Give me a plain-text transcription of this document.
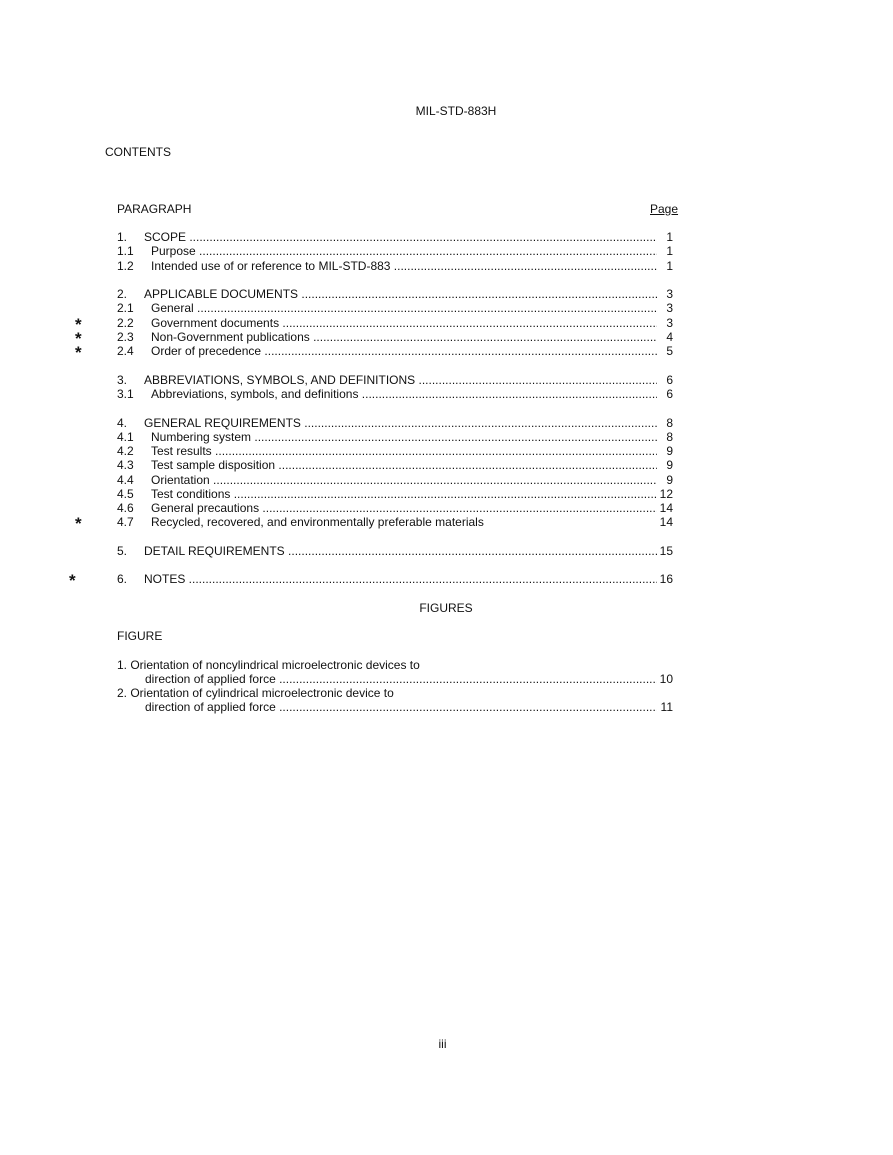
MIL-STD-883H
CONTENTS
PARAGRAPH	Page
1. SCOPE .....	1
1.1 Purpose .....	1
1.2 Intended use of or reference to MIL-STD-883 .....	1
2. APPLICABLE DOCUMENTS .....	3
2.1 General .....	3
2.2 Government documents .....	3
*
2.3 Non-Government publications .....	4
*
2.4 Order of precedence .....	5
*
3. ABBREVIATIONS, SYMBOLS, AND DEFINITIONS .....	6
3.1 Abbreviations, symbols, and definitions .....	6
4. GENERAL REQUIREMENTS .....	8
4.1 Numbering system .....	8
4.2 Test results .....	9
4.3 Test sample disposition .....	9
4.4 Orientation .....	9
4.5 Test conditions .....	12
4.6 General precautions .....	14
4.7 Recycled, recovered, and environmentally preferable materials	14
*
5. DETAIL REQUIREMENTS .....	15
6. NOTES .....	16
*
FIGURES
FIGURE
1. Orientation of noncylindrical microelectronic devices to
direction of applied force .....	10
2. Orientation of cylindrical microelectronic device to
direction of applied force .....	11
iii
